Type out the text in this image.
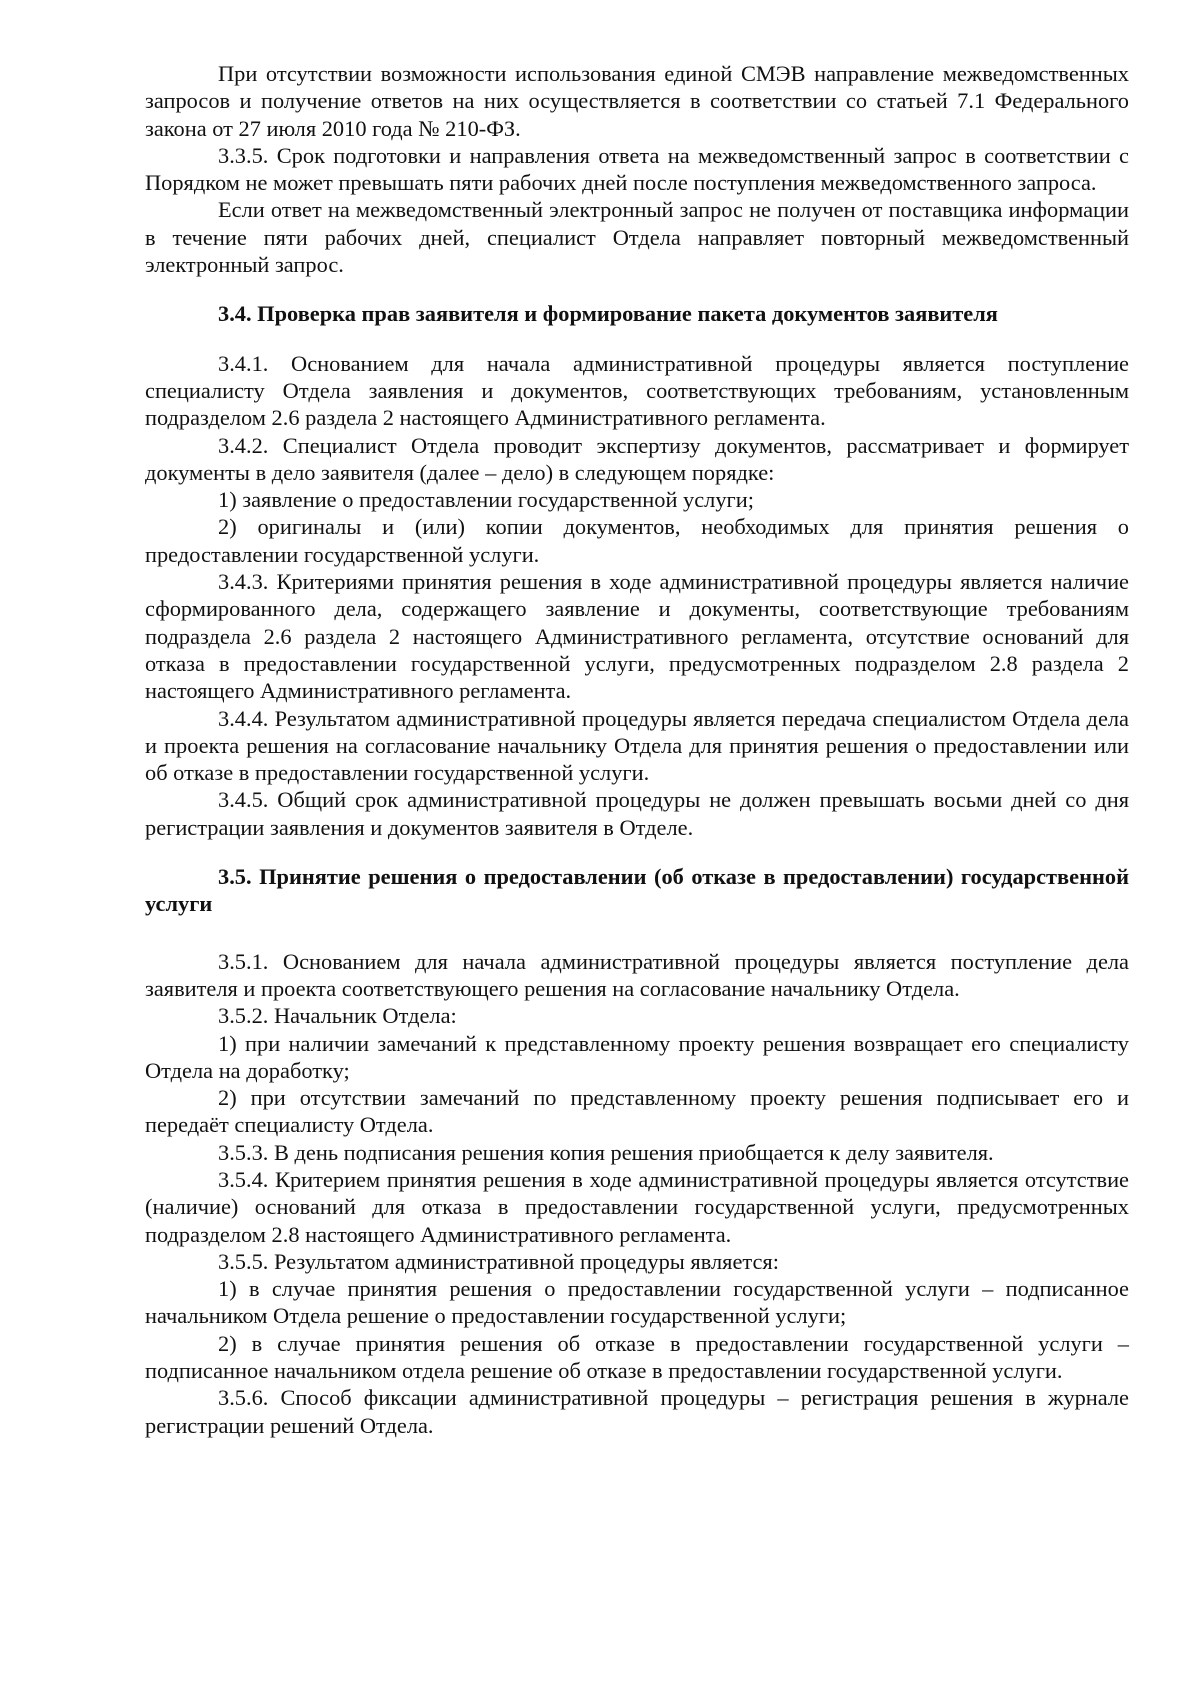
При отсутствии возможности использования единой СМЭВ направление межведомственных запросов и получение ответов на них осуществляется в соответствии со статьей 7.1 Федерального закона от 27 июля 2010 года № 210-ФЗ.

3.3.5. Срок подготовки и направления ответа на межведомственный запрос в соответствии с Порядком не может превышать пяти рабочих дней после поступления межведомственного запроса.

Если ответ на межведомственный электронный запрос не получен от поставщика информации в течение пяти рабочих дней, специалист Отдела направляет повторный межведомственный электронный запрос.

3.4. Проверка прав заявителя и формирование пакета документов заявителя

3.4.1. Основанием для начала административной процедуры является поступление специалисту Отдела заявления и документов, соответствующих требованиям, установленным подразделом 2.6 раздела 2 настоящего Административного регламента.

3.4.2. Специалист Отдела проводит экспертизу документов, рассматривает и формирует документы в дело заявителя (далее – дело) в следующем порядке:

1) заявление о предоставлении государственной услуги;

2) оригиналы и (или) копии документов, необходимых для принятия решения о предоставлении государственной услуги.

3.4.3. Критериями принятия решения в ходе административной процедуры является наличие сформированного дела, содержащего заявление и документы, соответствующие требованиям подраздела 2.6 раздела 2 настоящего Административного регламента, отсутствие оснований для отказа в предоставлении государственной услуги, предусмотренных подразделом 2.8 раздела 2 настоящего Административного регламента.

3.4.4. Результатом административной процедуры является передача специалистом Отдела дела и проекта решения на согласование начальнику Отдела для принятия решения о предоставлении или об отказе в предоставлении государственной услуги.

3.4.5. Общий срок административной процедуры не должен превышать восьми дней со дня регистрации заявления и документов заявителя в Отделе.

3.5. Принятие решения о предоставлении (об отказе в предоставлении) государственной услуги

3.5.1. Основанием для начала административной процедуры является поступление дела заявителя и проекта соответствующего решения на согласование начальнику Отдела.

3.5.2. Начальник Отдела:

1) при наличии замечаний к представленному проекту решения возвращает его специалисту Отдела на доработку;

2) при отсутствии замечаний по представленному проекту решения подписывает его и передаёт специалисту Отдела.

3.5.3. В день подписания решения копия решения приобщается к делу заявителя.

3.5.4. Критерием принятия решения в ходе административной процедуры является отсутствие (наличие) оснований для отказа в предоставлении государственной услуги, предусмотренных подразделом 2.8 настоящего Административного регламента.

3.5.5. Результатом административной процедуры является:

1) в случае принятия решения о предоставлении государственной услуги – подписанное начальником Отдела решение о предоставлении государственной услуги;

2) в случае принятия решения об отказе в предоставлении государственной услуги – подписанное начальником отдела решение об отказе в предоставлении государственной услуги.

3.5.6. Способ фиксации административной процедуры – регистрация решения в журнале регистрации решений Отдела.
